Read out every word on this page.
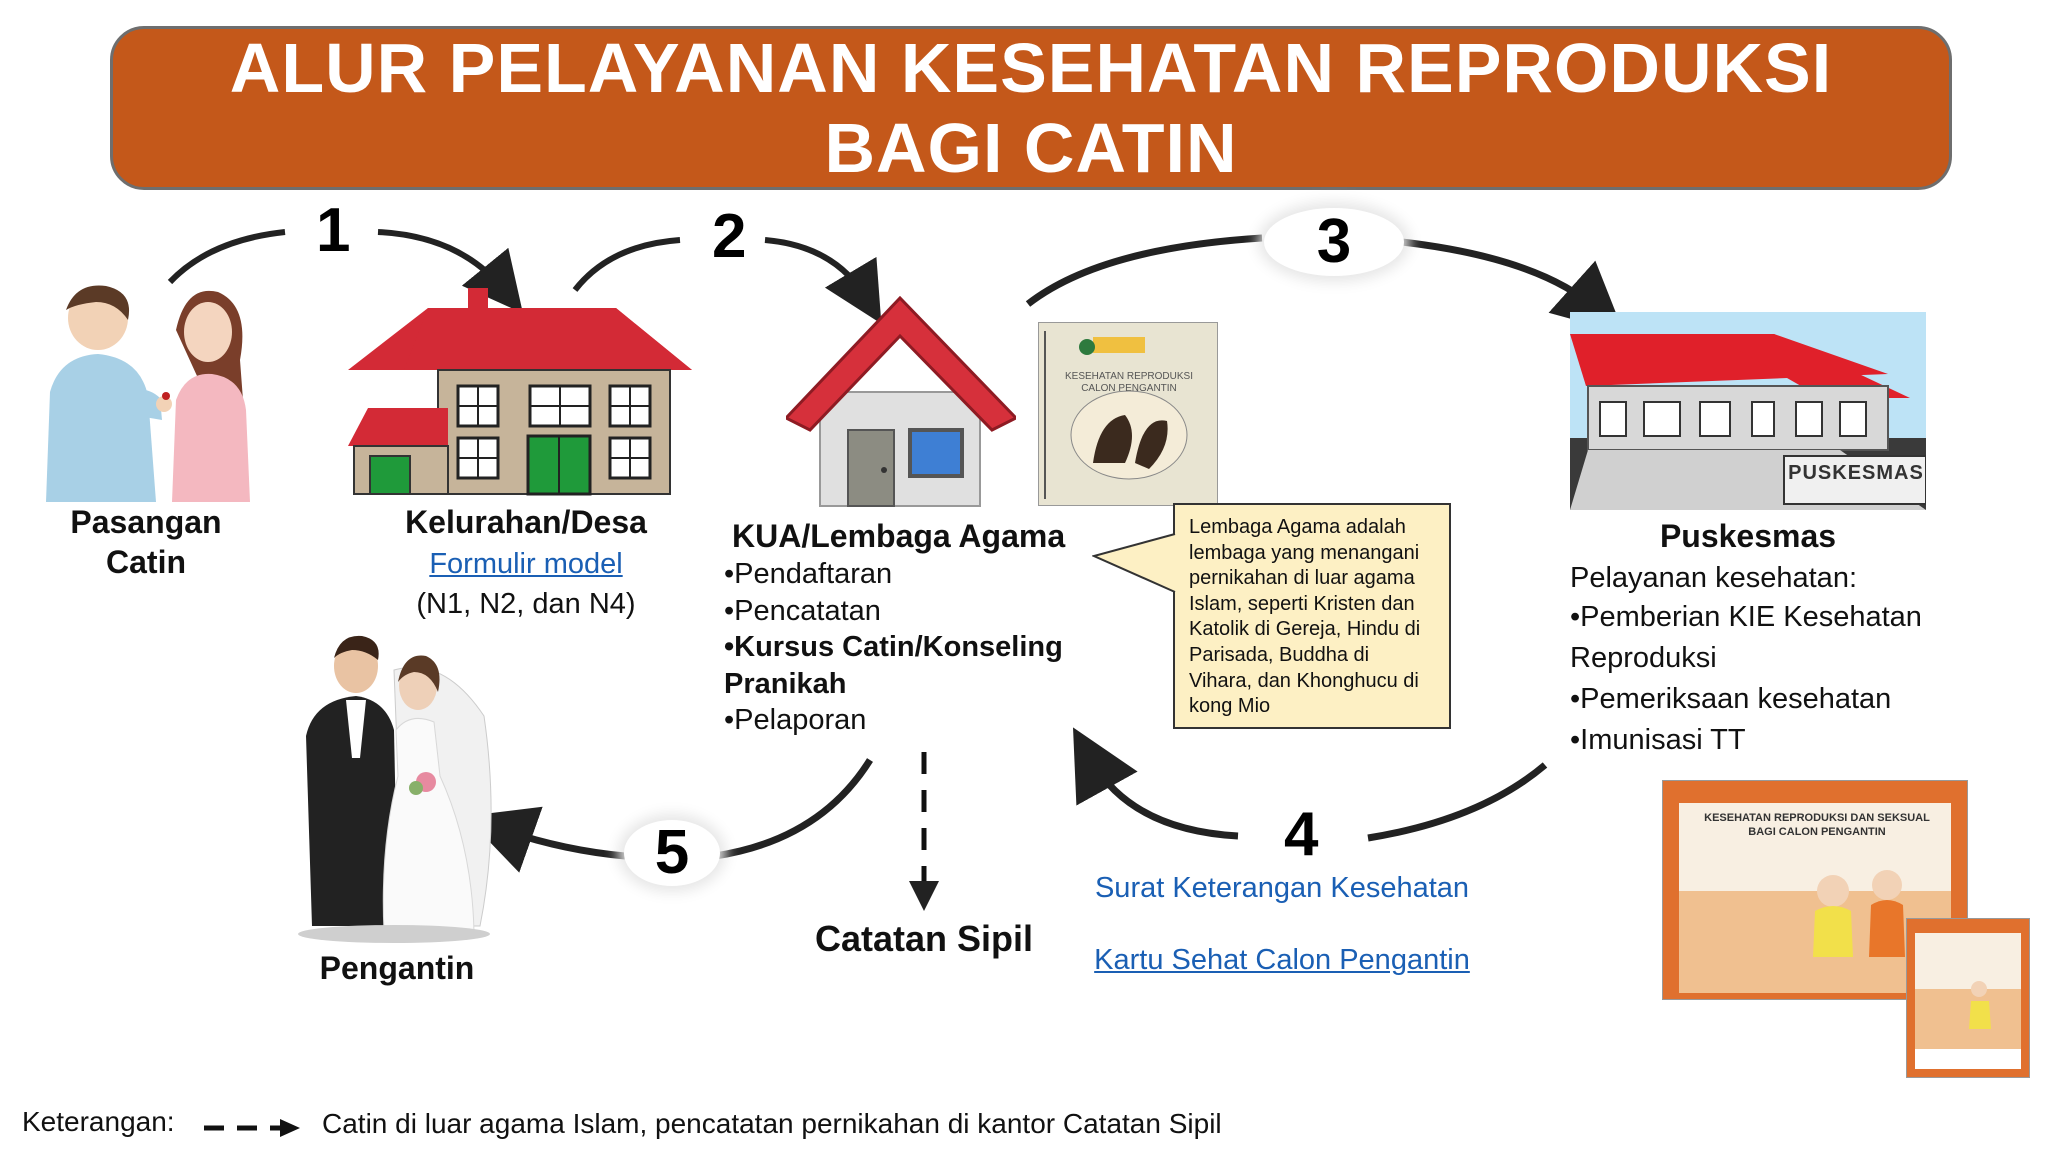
ALUR PELAYANAN KESEHATAN REPRODUKSI
BAGI CATIN
1	2	3
4
5
Pasangan
Catin
Kelurahan/Desa
Formulir model
(N1, N2, dan N4)
KUA/Lembaga Agama
•Pendaftaran
•Pencatatan
•Kursus Catin/Konseling
Pranikah
•Pelaporan
KESEHATAN REPRODUKSI CALON PENGANTIN
Lembaga Agama adalah lembaga yang menangani pernikahan di luar agama Islam, seperti Kristen dan Katolik di Gereja, Hindu di Parisada, Buddha di Vihara, dan Khonghucu di kong Mio
PUSKESMAS
Puskesmas
Pelayanan kesehatan:
•Pemberian KIE Kesehatan
Reproduksi
•Pemeriksaan kesehatan
•Imunisasi TT
KESEHATAN REPRODUKSI DAN SEKSUAL
BAGI CALON PENGANTIN
Surat Keterangan Kesehatan
Kartu Sehat Calon Pengantin
Catatan Sipil
Pengantin
Keterangan:	Catin di luar agama Islam, pencatatan pernikahan di kantor Catatan Sipil
